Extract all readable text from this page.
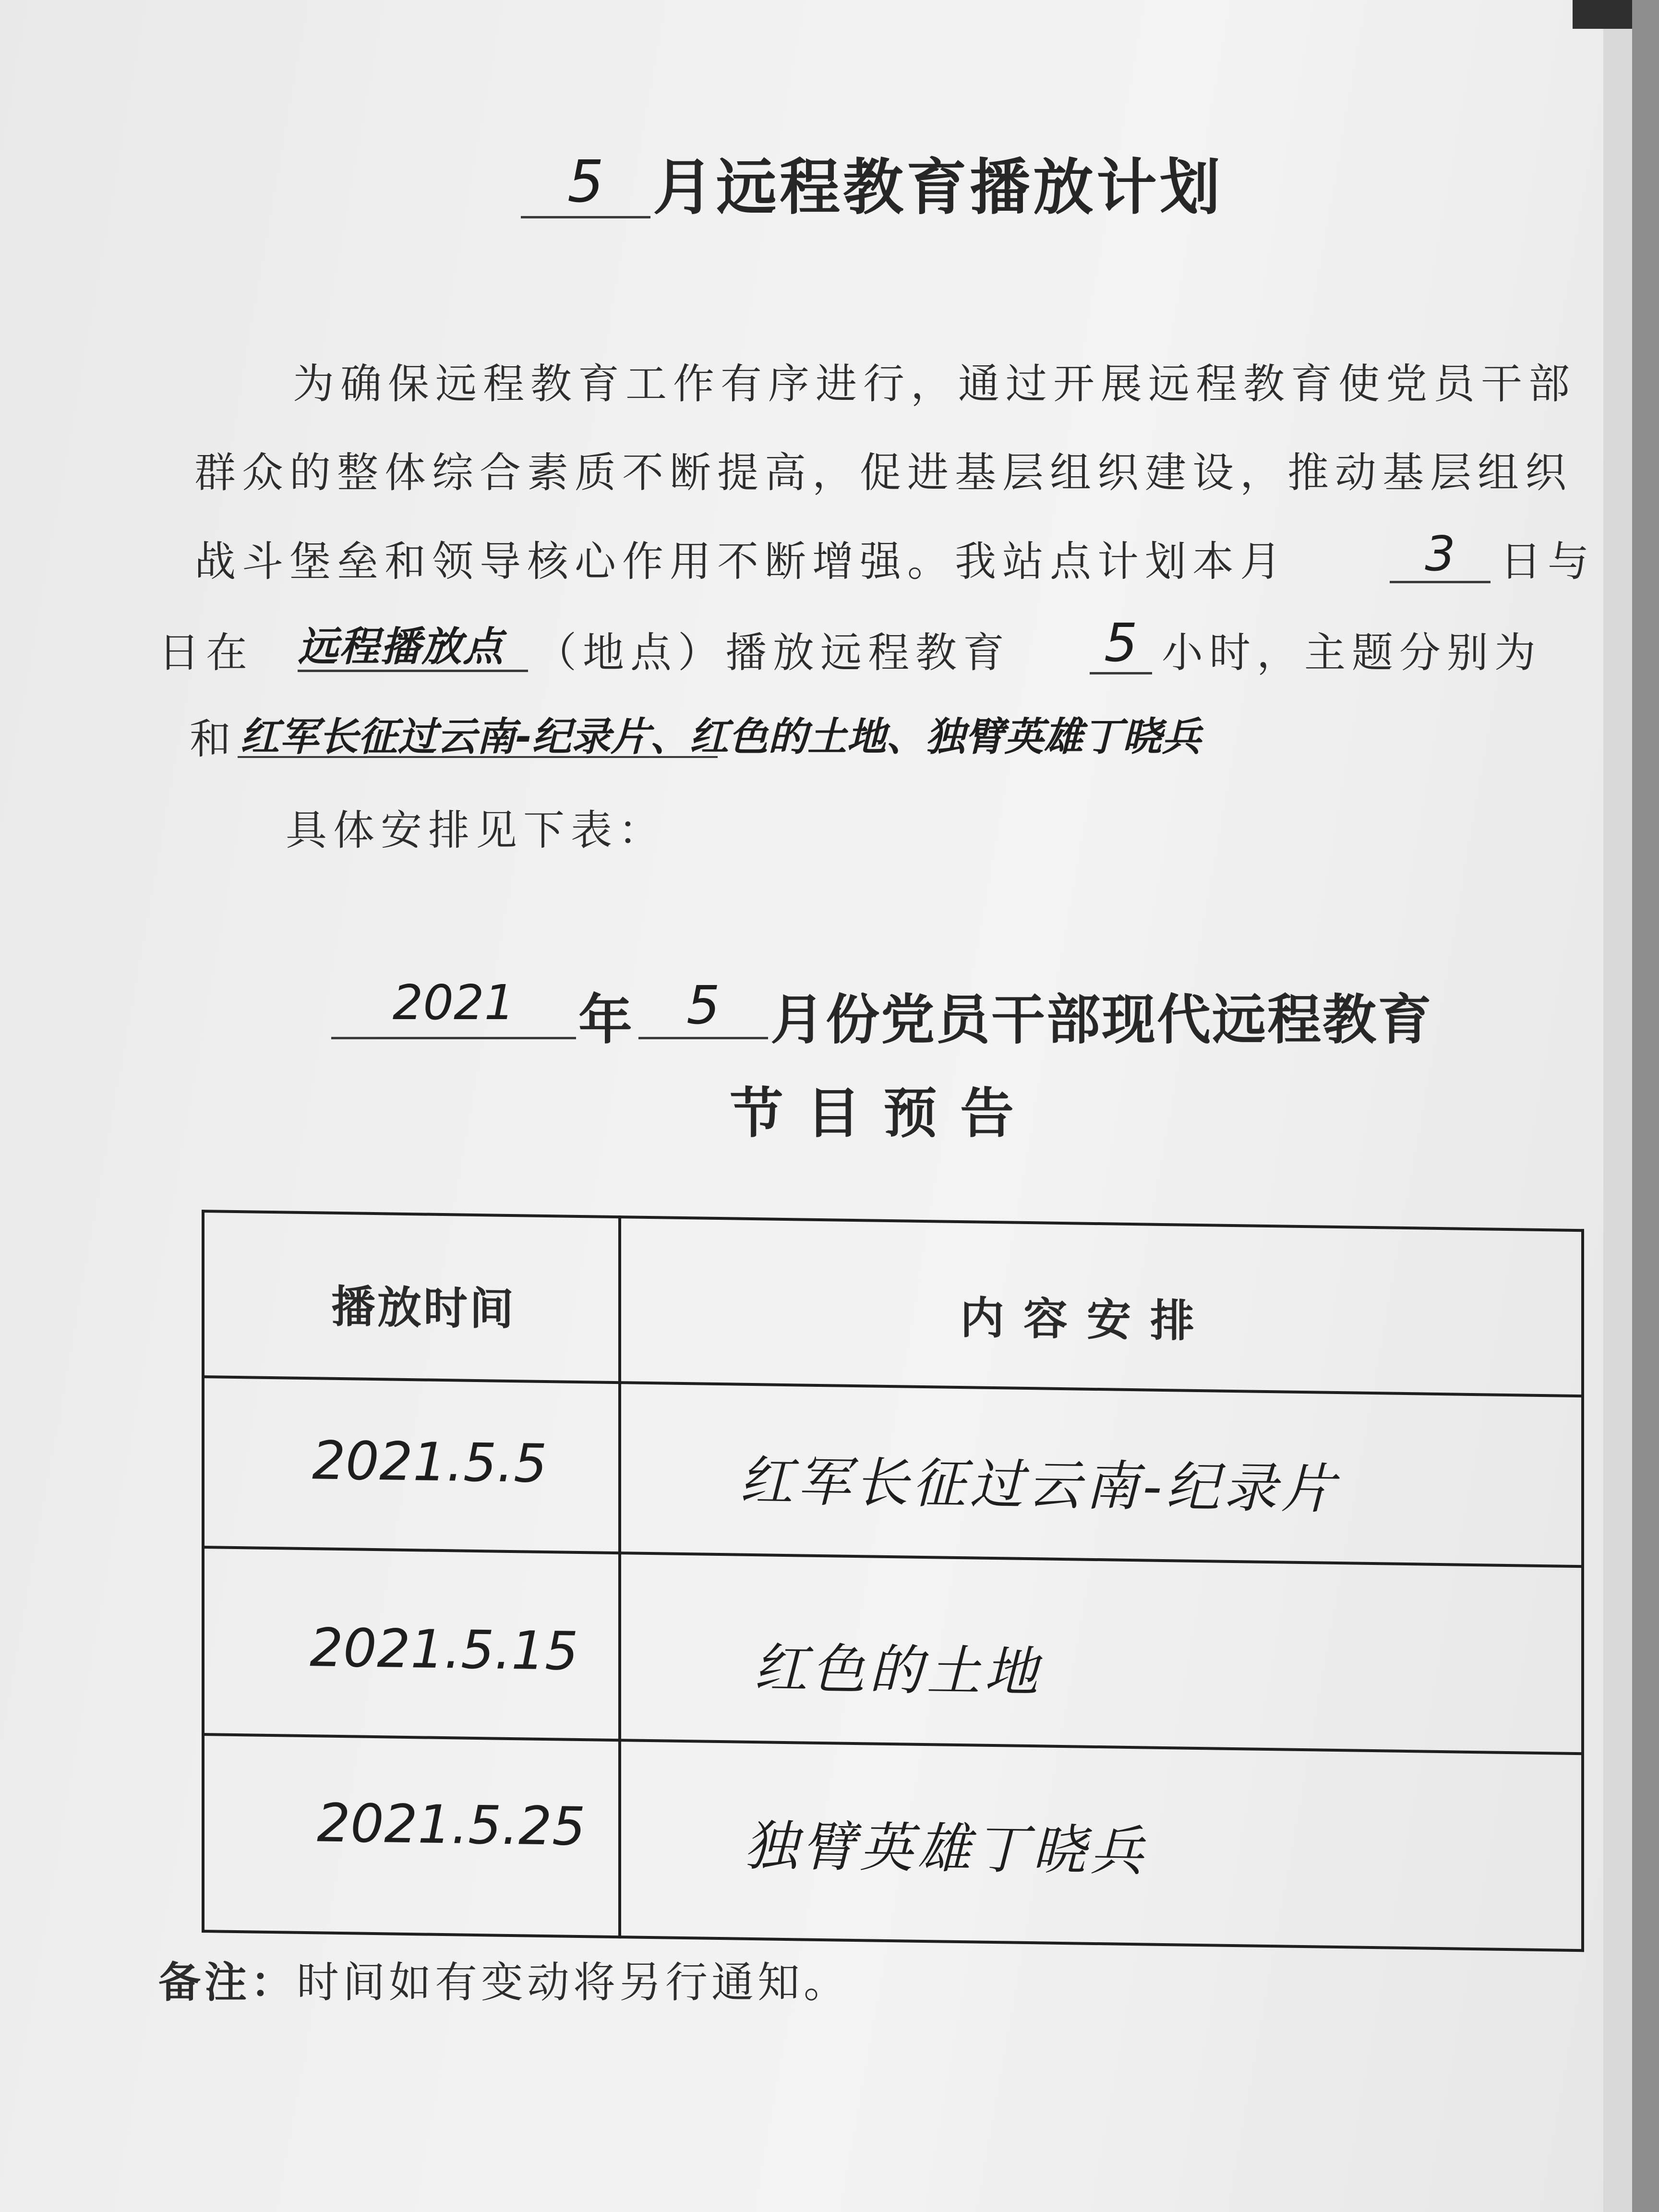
5 月远程教育播放计划
为确保远程教育工作有序进行，通过开展远程教育使党员干部
群众的整体综合素质不断提高，促进基层组织建设，推动基层组织
战斗堡垒和领导核心作用不断增强。我站点计划本月	3	日与
日在 远程播放点 （地点）播放远程教育 5 小时，主题分别为
和 红军长征过云南-纪录片、红色的土地、独臂英雄丁晓兵
具体安排见下表：
2021	年	5 月份党员干部现代远程教育
节目预告
播放时间	内容安排
2021.5.5	红军长征过云南-纪录片
2021.5.15	红色的土地
2021.5.25	独臂英雄丁晓兵
备注：时间如有变动将另行通知。
